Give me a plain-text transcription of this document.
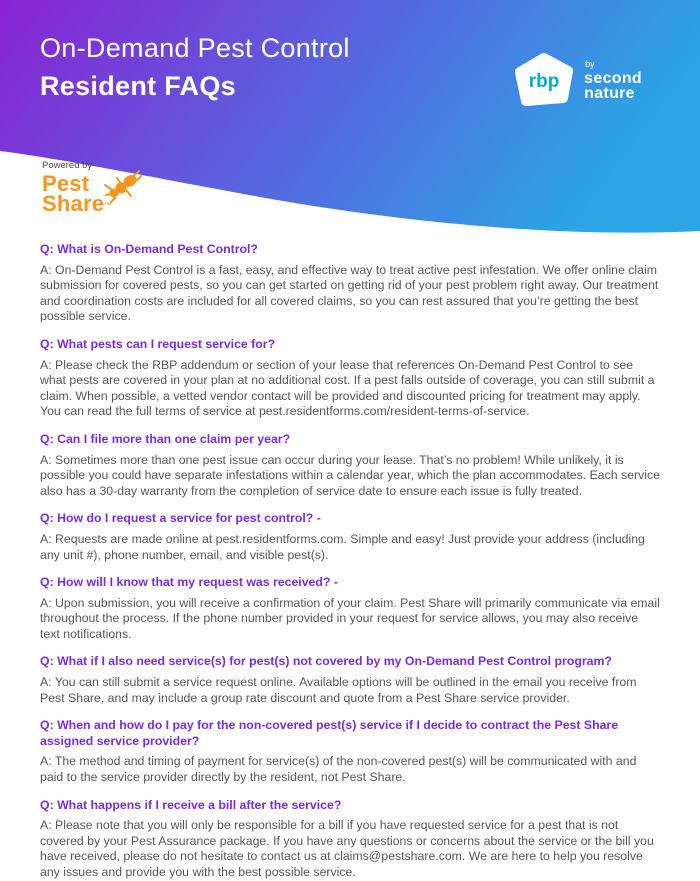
On-Demand Pest Control
Resident FAQs	rbp
by
second
nature
Powered by
Pest
Share™

Q: What is On-Demand Pest Control?

A: On-Demand Pest Control is a fast, easy, and effective way to treat active pest infestation. We offer online claim submission for covered pests, so you can get started on getting rid of your pest problem right away. Our treatment and coordination costs are included for all covered claims, so you can rest assured that you’re getting the best possible service.

Q: What pests can I request service for?

A: Please check the RBP addendum or section of your lease that references On-Demand Pest Control to see what pests are covered in your plan at no additional cost. If a pest falls outside of coverage, you can still submit a claim. When possible, a vetted vendor contact will be provided and discounted pricing for treatment may apply. You can read the full terms of service at pest.residentforms.com/resident-terms-of-service.

Q: Can I file more than one claim per year?

A: Sometimes more than one pest issue can occur during your lease. That’s no problem! While unlikely, it is possible you could have separate infestations within a calendar year, which the plan accommodates. Each service also has a 30-day warranty from the completion of service date to ensure each issue is fully treated.

Q: How do I request a service for pest control? -

A: Requests are made online at pest.residentforms.com. Simple and easy! Just provide your address (including any unit #), phone number, email, and visible pest(s).

Q: How will I know that my request was received? -

A: Upon submission, you will receive a confirmation of your claim. Pest Share will primarily communicate via email throughout the process. If the phone number provided in your request for service allows, you may also receive text notifications.

Q: What if I also need service(s) for pest(s) not covered by my On-Demand Pest Control program?

A: You can still submit a service request online. Available options will be outlined in the email you receive from Pest Share, and may include a group rate discount and quote from a Pest Share service provider.

Q: When and how do I pay for the non-covered pest(s) service if I decide to contract the Pest Share assigned service provider?

A: The method and timing of payment for service(s) of the non-covered pest(s) will be communicated with and paid to the service provider directly by the resident, not Pest Share.

Q: What happens if I receive a bill after the service?

A: Please note that you will only be responsible for a bill if you have requested service for a pest that is not covered by your Pest Assurance package. If you have any questions or concerns about the service or the bill you have received, please do not hesitate to contact us at claims@pestshare.com. We are here to help you resolve any issues and provide you with the best possible service.
